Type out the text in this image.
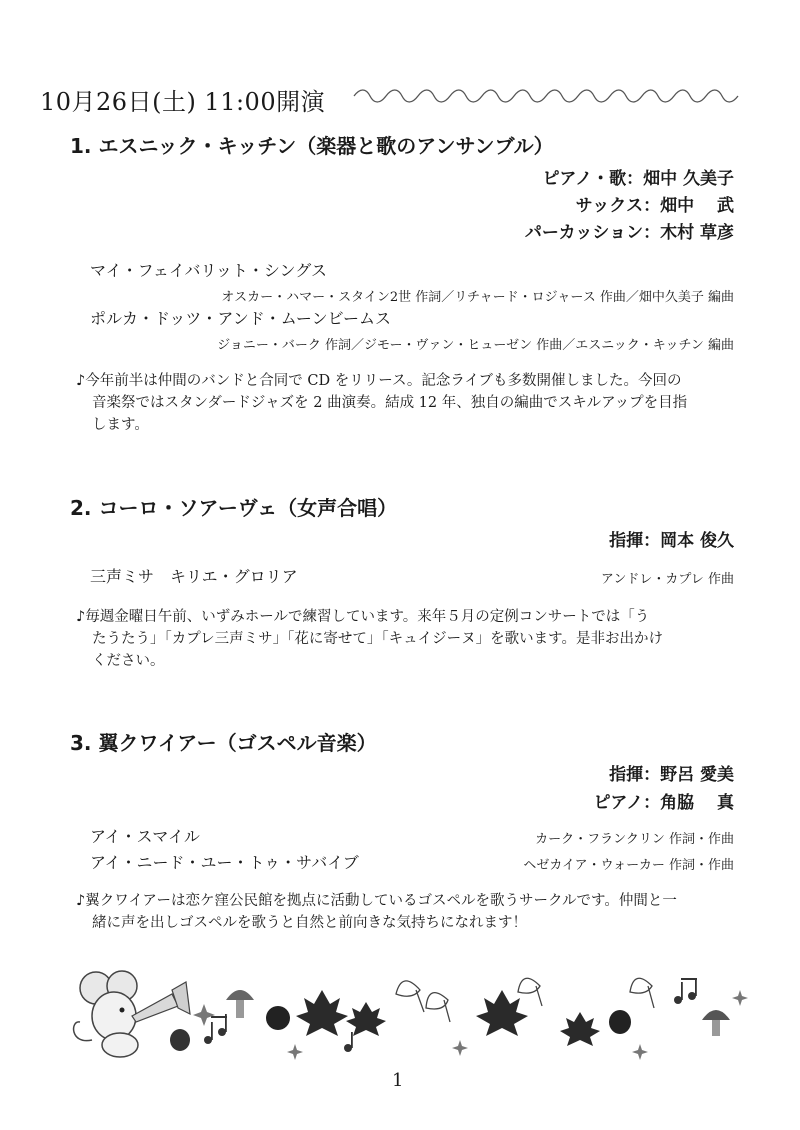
10月26日(土) 11:00開演
1. エスニック・キッチン（楽器と歌のアンサンブル）
ピアノ・歌：畑中 久美子
サックス：畑中　 武
パーカッション：木村 草彦
マイ・フェイバリット・シングス
オスカー・ハマー・スタイン2世 作詞／リチャード・ロジャース 作曲／畑中久美子 編曲
ポルカ・ドッツ・アンド・ムーンビームス
ジョニー・バーク 作詞／ジモー・ヴァン・ヒューゼン 作曲／エスニック・キッチン 編曲
♪今年前半は仲間のバンドと合同で CD をリリース。記念ライブも多数開催しました。今回の
音楽祭ではスタンダードジャズを 2 曲演奏。結成 12 年、独自の編曲でスキルアップを目指
します。
2. コーロ・ソアーヴェ（女声合唱）
指揮：岡本 俊久
三声ミサ　キリエ・グロリア	アンドレ・カプレ 作曲
♪毎週金曜日午前、いずみホールで練習しています。来年５月の定例コンサートでは「う
たうたう」「カプレ三声ミサ」「花に寄せて」「キュイジーヌ」を歌います。是非お出かけ
ください。
3. 翼クワイアー（ゴスペル音楽）
指揮：野呂 愛美
ピアノ：角脇　 真
アイ・スマイル	カーク・フランクリン 作詞・作曲
アイ・ニード・ユー・トゥ・サバイブ	ヘゼカイア・ウォーカー 作詞・作曲
♪翼クワイアーは恋ケ窪公民館を拠点に活動しているゴスペルを歌うサークルです。仲間と一
緒に声を出しゴスペルを歌うと自然と前向きな気持ちになれます！
1
